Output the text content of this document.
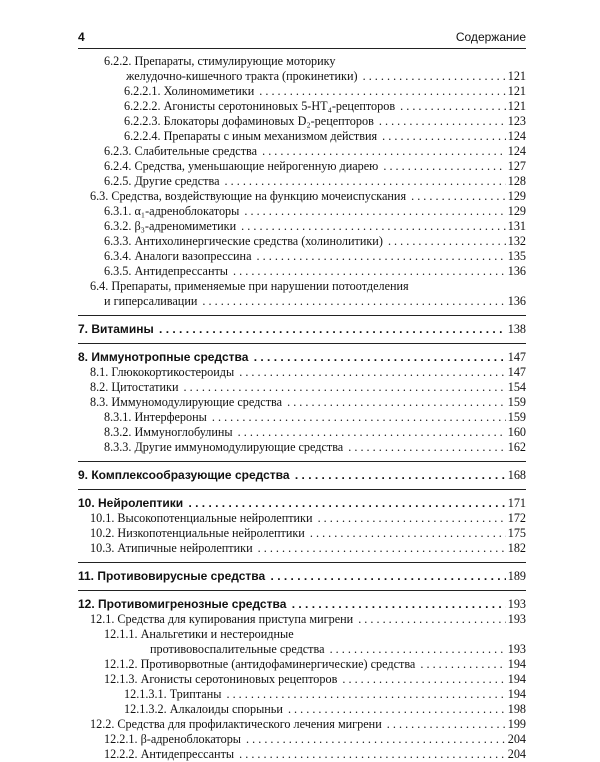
4	Содержание
6.2.2. Препараты, стимулирующие моторику
желудочно-кишечного тракта (прокинетики) . . .	121
6.2.2.1. Холиномиметики . . .	121
6.2.2.2. Агонисты серотониновых 5-HT₄-рецепторов . . .	121
6.2.2.3. Блокаторы дофаминовых D₂-рецепторов . . .	123
6.2.2.4. Препараты с иным механизмом действия . . .	124
6.2.3. Слабительные средства . . .	124
6.2.4. Средства, уменьшающие нейрогенную диарею . . .	127
6.2.5. Другие средства . . .	128
6.3. Средства, воздействующие на функцию мочеиспускания . . .	129
6.3.1. α₁-адреноблокаторы . . .	129
6.3.2. β₃-адреномиметики . . .	131
6.3.3. Антихолинергические средства (холинолитики) . . .	132
6.3.4. Аналоги вазопрессина . . .	135
6.3.5. Антидепрессанты . . .	136
6.4. Препараты, применяемые при нарушении потоотделения
и гиперсаливации . . .	136
7. Витамины . . .	138
8. Иммунотропные средства . . .	147
8.1. Глюкокортикостероиды . . .	147
8.2. Цитостатики . . .	154
8.3. Иммуномодулирующие средства . . .	159
8.3.1. Интерфероны . . .	159
8.3.2. Иммуноглобулины . . .	160
8.3.3. Другие иммуномодулирующие средства . . .	162
9. Комплексообразующие средства . . .	168
10. Нейролептики . . .	171
10.1. Высокопотенциальные нейролептики . . .	172
10.2. Низкопотенциальные нейролептики . . .	175
10.3. Атипичные нейролептики . . .	182
11. Противовирусные средства . . .	189
12. Противомигренозные средства . . .	193
12.1. Средства для купирования приступа мигрени . . .	193
12.1.1. Анальгетики и нестероидные
противовоспалительные средства . . .	193
12.1.2. Противорвотные (антидофаминергические) средства . . .	194
12.1.3. Агонисты серотониновых рецепторов . . .	194
12.1.3.1. Триптаны . . .	194
12.1.3.2. Алкалоиды спорыньи . . .	198
12.2. Средства для профилактического лечения мигрени . . .	199
12.2.1. β-адреноблокаторы . . .	204
12.2.2. Антидепрессанты . . .	204
